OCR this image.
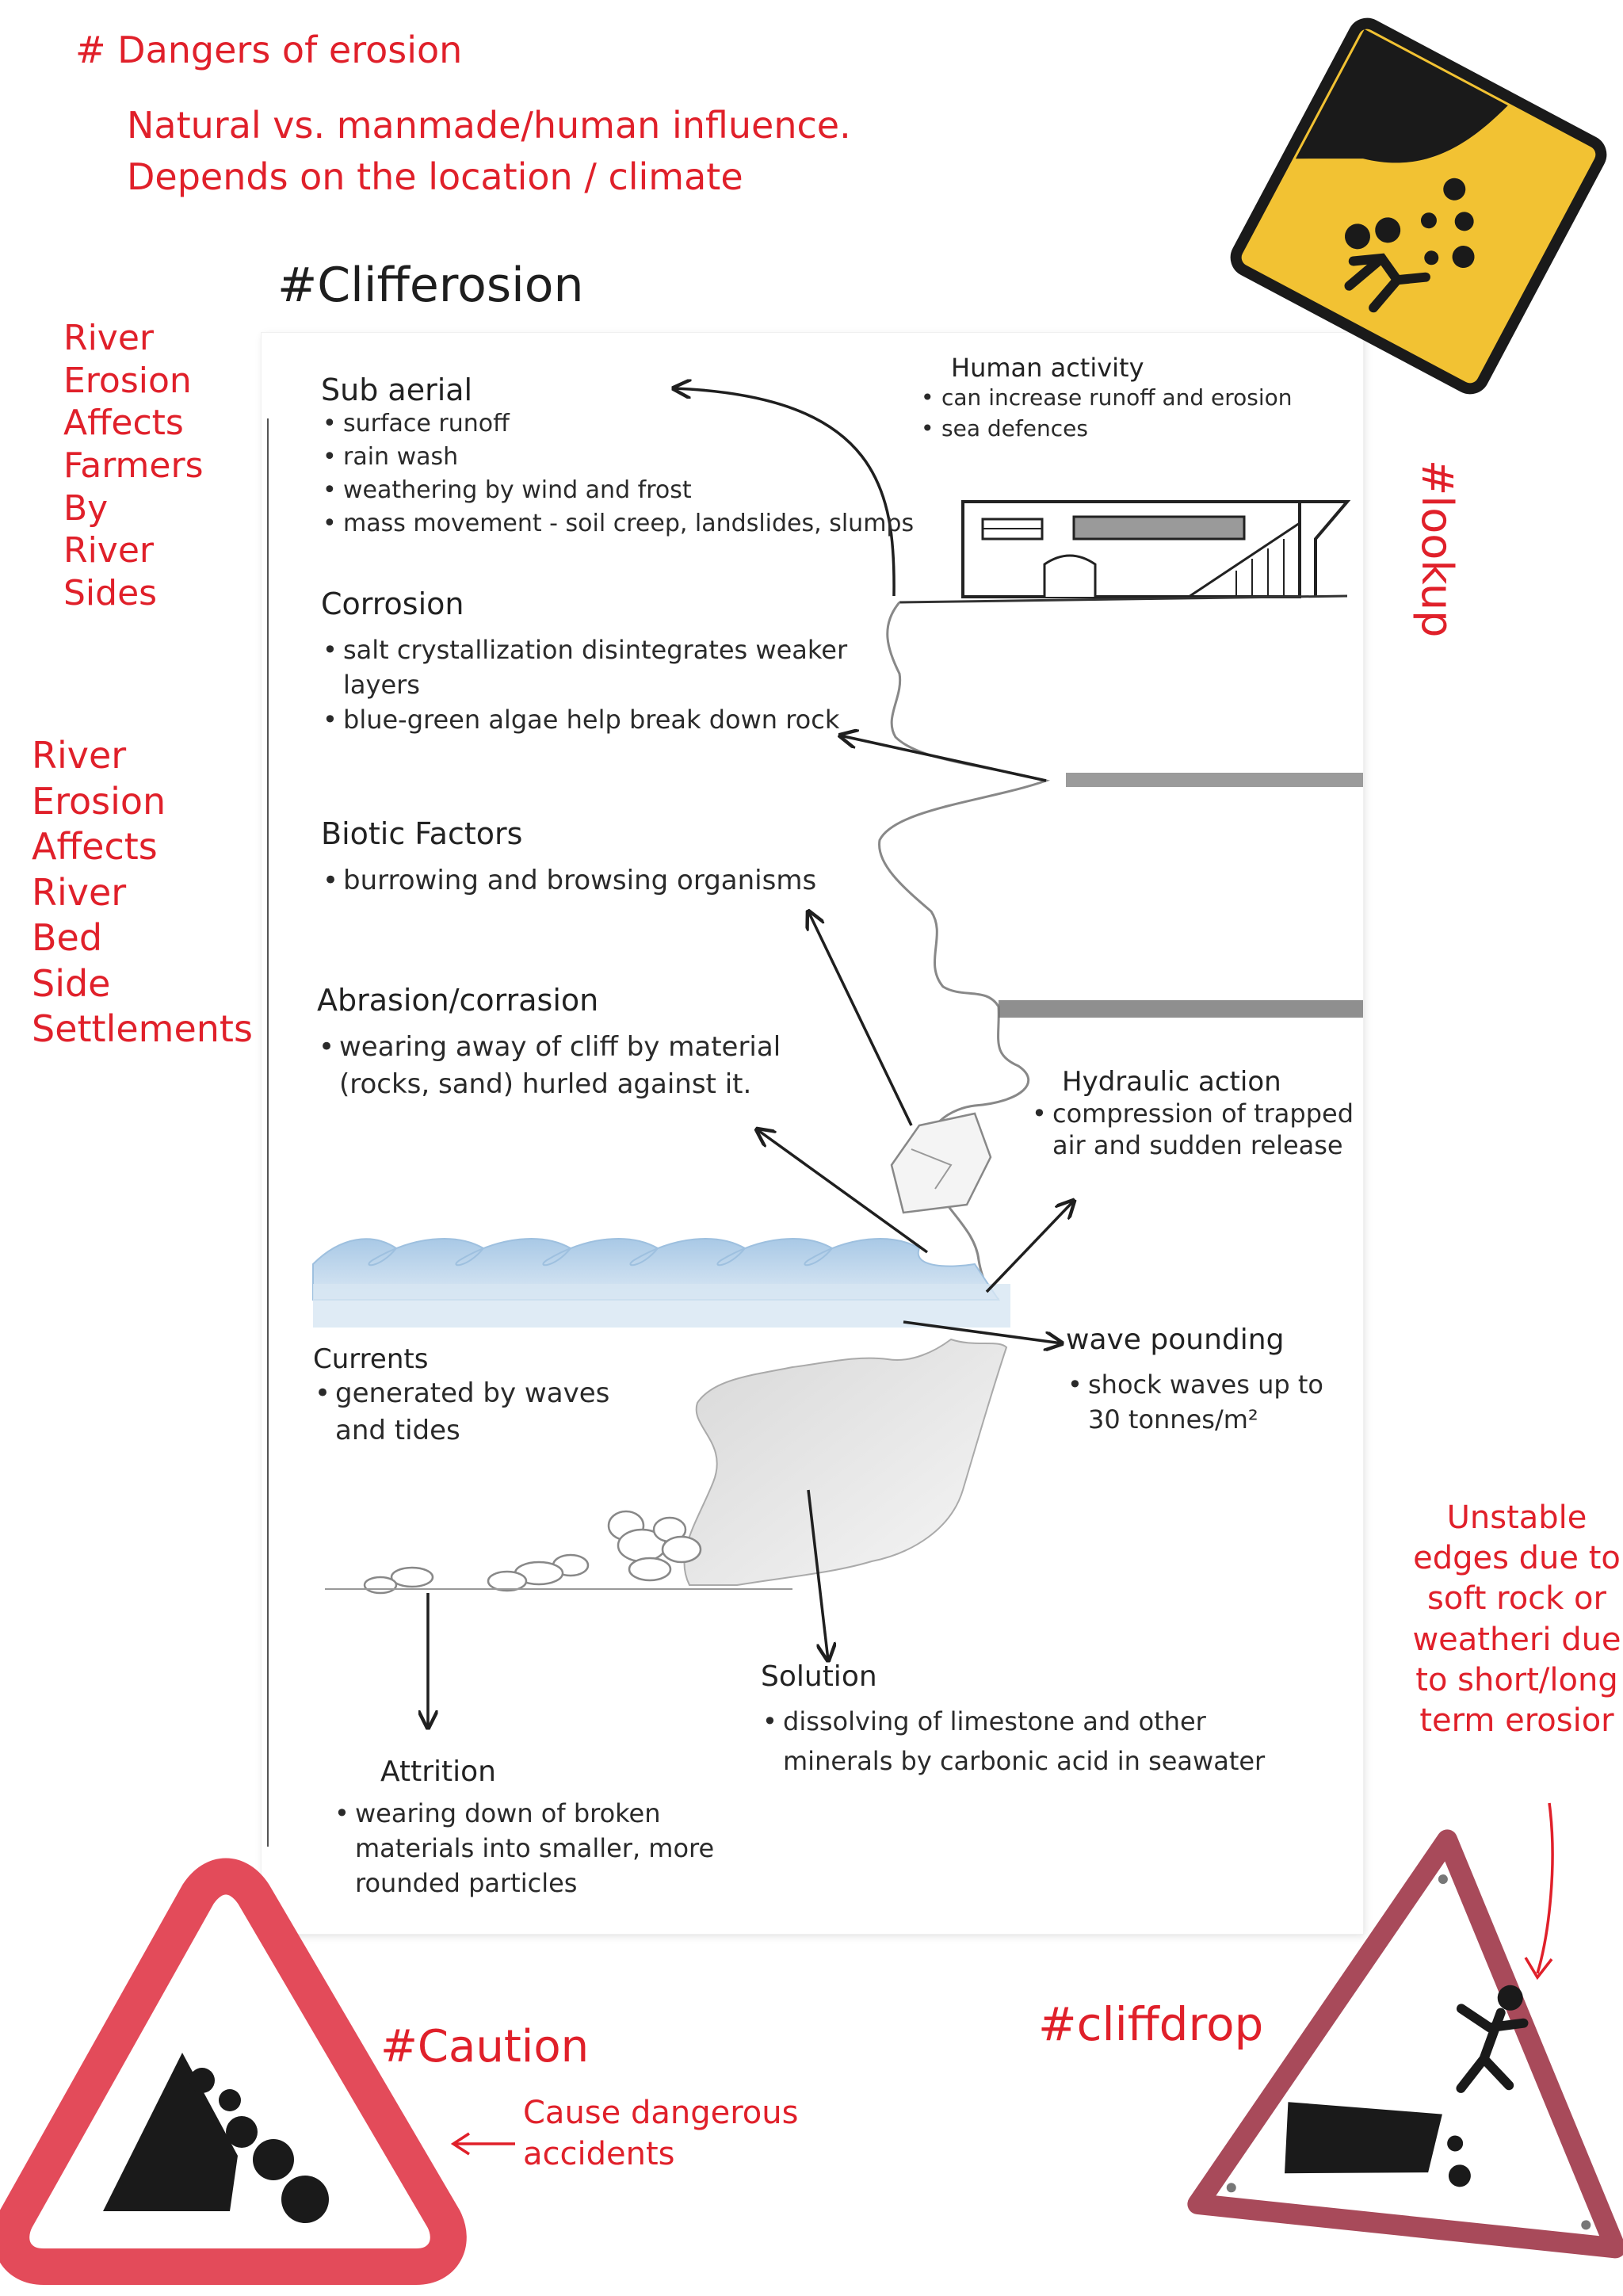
# Dangers of erosion
Natural vs. manmade/human influence.
Depends on the location / climate
#Clifferosion
River
Erosion
Affects
Farmers
By
River
Sides
River
Erosion
Affects
River
Bed
Side
Settlements
Sub aerial
• surface runoff
• rain wash
• weathering by wind and frost
• mass movement - soil creep, landslides, slumps
Human activity
• can increase runoff and erosion
• sea defences
Corrosion
• salt crystallization disintegrates weaker layers
• blue-green algae help break down rock
Biotic Factors
• burrowing and browsing organisms
Abrasion/corrasion
• wearing away of cliff by material (rocks, sand) hurled against it.	Hydraulic action
• compression of trapped air and sudden release
wave pounding
• shock waves up to 30 tonnes/m²
Currents
• generated by waves and tides
Solution
• dissolving of limestone and other minerals by carbonic acid in seawater
Attrition
• wearing down of broken materials into smaller, more rounded particles
#lookup
#Caution
Cause dangerous accidents
#cliffdrop
Unstable edges due to soft rock or weatheri due to short/long term erosior
